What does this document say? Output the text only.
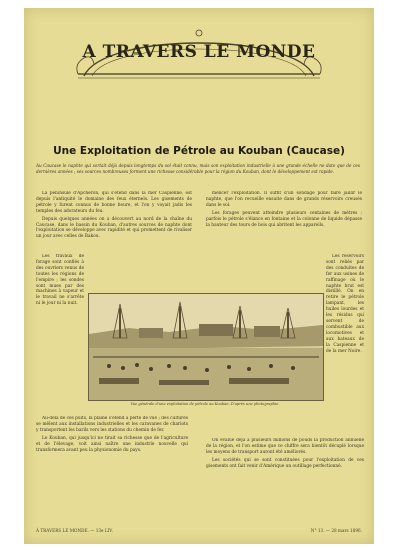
A TRAVERS LE MONDE
Une Exploitation de Pétrole au Kouban (Caucase)
Au Caucase le naphte qui sortait déjà depuis longtemps du sol était connu, mais son exploitation industrielle à une grande échelle ne date que de ces dernières années ; ses sources nombreuses forment une richesse considérable pour la région du Kouban, dont le développement est rapide.

La péninsule d'Apchéron, qui s'étend dans la mer Caspienne, est depuis l'antiquité le domaine des feux éternels. Les gisements de pétrole y furent connus de bonne heure, et l'on y voyait jadis les temples des adorateurs du feu.

Depuis quelques années on a découvert au nord de la chaîne du Caucase, dans le bassin du Kouban, d'autres sources de naphte dont l'exploitation se développe avec rapidité et qui promettent de rivaliser un jour avec celles de Bakou.

mencer l'exploitation. Il suffit d'un sondage pour faire jaillir le naphte, que l'on recueille ensuite dans de grands réservoirs creusés dans le sol.

Les forages peuvent atteindre plusieurs centaines de mètres ; parfois le pétrole s'élance en fontaine et la colonne de liquide dépasse la hauteur des tours de bois qui abritent les appareils.

Les travaux de forage sont confiés à des ouvriers venus de toutes les régions de l'empire ; les sondes sont mues par des machines à vapeur et le travail ne s'arrête ni le jour ni la nuit.

Les réservoirs sont reliés par des conduites de fer aux usines de raffinage où le naphte brut est distillé. On en retire le pétrole lampant, les huiles lourdes et les résidus qui servent de combustible aux locomotives et aux bateaux de la Caspienne et de la mer Noire.

Vue générale d'une exploitation de pétrole au Kouban. D'après une photographie.

Au-delà de ces puits, la plaine s'étend à perte de vue ; des cultures se mêlent aux installations industrielles et les caravanes de chariots y transportent les barils vers les stations du chemin de fer.

Le Kouban, qui jusqu'ici ne tirait sa richesse que de l'agriculture et de l'élevage, voit ainsi naître une industrie nouvelle qui transformera avant peu la physionomie du pays.

On évalue déjà à plusieurs millions de pouds la production annuelle de la région, et l'on estime que ce chiffre sera bientôt décuplé lorsque les moyens de transport auront été améliorés.

Les sociétés qui se sont constituées pour l'exploitation de ces gisements ont fait venir d'Amérique un outillage perfectionné.

À TRAVERS LE MONDE. — 13e LIV.	N° 13. — 28 mars 1896.
